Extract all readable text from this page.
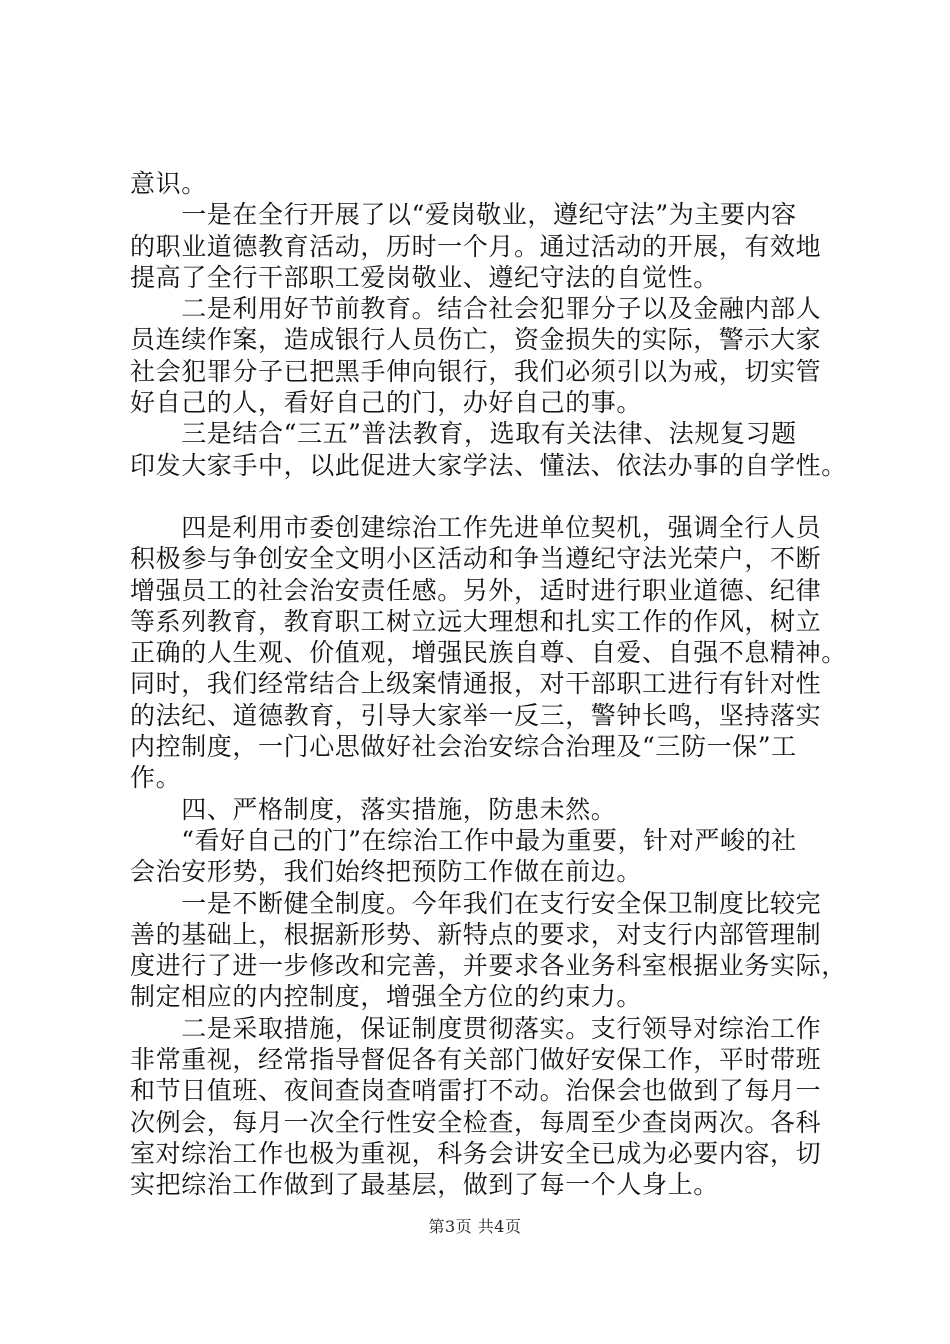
意识。
　　一是在全行开展了以“爱岗敬业，遵纪守法”为主要内容
的职业道德教育活动，历时一个月。通过活动的开展，有效地
提高了全行干部职工爱岗敬业、遵纪守法的自觉性。
　　二是利用好节前教育。结合社会犯罪分子以及金融内部人
员连续作案，造成银行人员伤亡，资金损失的实际，警示大家
社会犯罪分子已把黑手伸向银行，我们必须引以为戒，切实管
好自己的人，看好自己的门，办好自己的事。
　　三是结合“三五”普法教育，选取有关法律、法规复习题
印发大家手中，以此促进大家学法、懂法、依法办事的自学性。
　　四是利用市委创建综治工作先进单位契机，强调全行人员
积极参与争创安全文明小区活动和争当遵纪守法光荣户，不断
增强员工的社会治安责任感。另外，适时进行职业道德、纪律
等系列教育，教育职工树立远大理想和扎实工作的作风，树立
正确的人生观、价值观，增强民族自尊、自爱、自强不息精神。
同时，我们经常结合上级案情通报，对干部职工进行有针对性
的法纪、道德教育，引导大家举一反三，警钟长鸣，坚持落实
内控制度，一门心思做好社会治安综合治理及“三防一保”工
作。
　　四、严格制度，落实措施，防患未然。
　　“看好自己的门”在综治工作中最为重要，针对严峻的社
会治安形势，我们始终把预防工作做在前边。
　　一是不断健全制度。今年我们在支行安全保卫制度比较完
善的基础上，根据新形势、新特点的要求，对支行内部管理制
度进行了进一步修改和完善，并要求各业务科室根据业务实际，
制定相应的内控制度，增强全方位的约束力。
　　二是采取措施，保证制度贯彻落实。支行领导对综治工作
非常重视，经常指导督促各有关部门做好安保工作，平时带班
和节日值班、夜间查岗查哨雷打不动。治保会也做到了每月一
次例会，每月一次全行性安全检查，每周至少查岗两次。各科
室对综治工作也极为重视，科务会讲安全已成为必要内容，切
实把综治工作做到了最基层，做到了每一个人身上。
第3页 共4页
